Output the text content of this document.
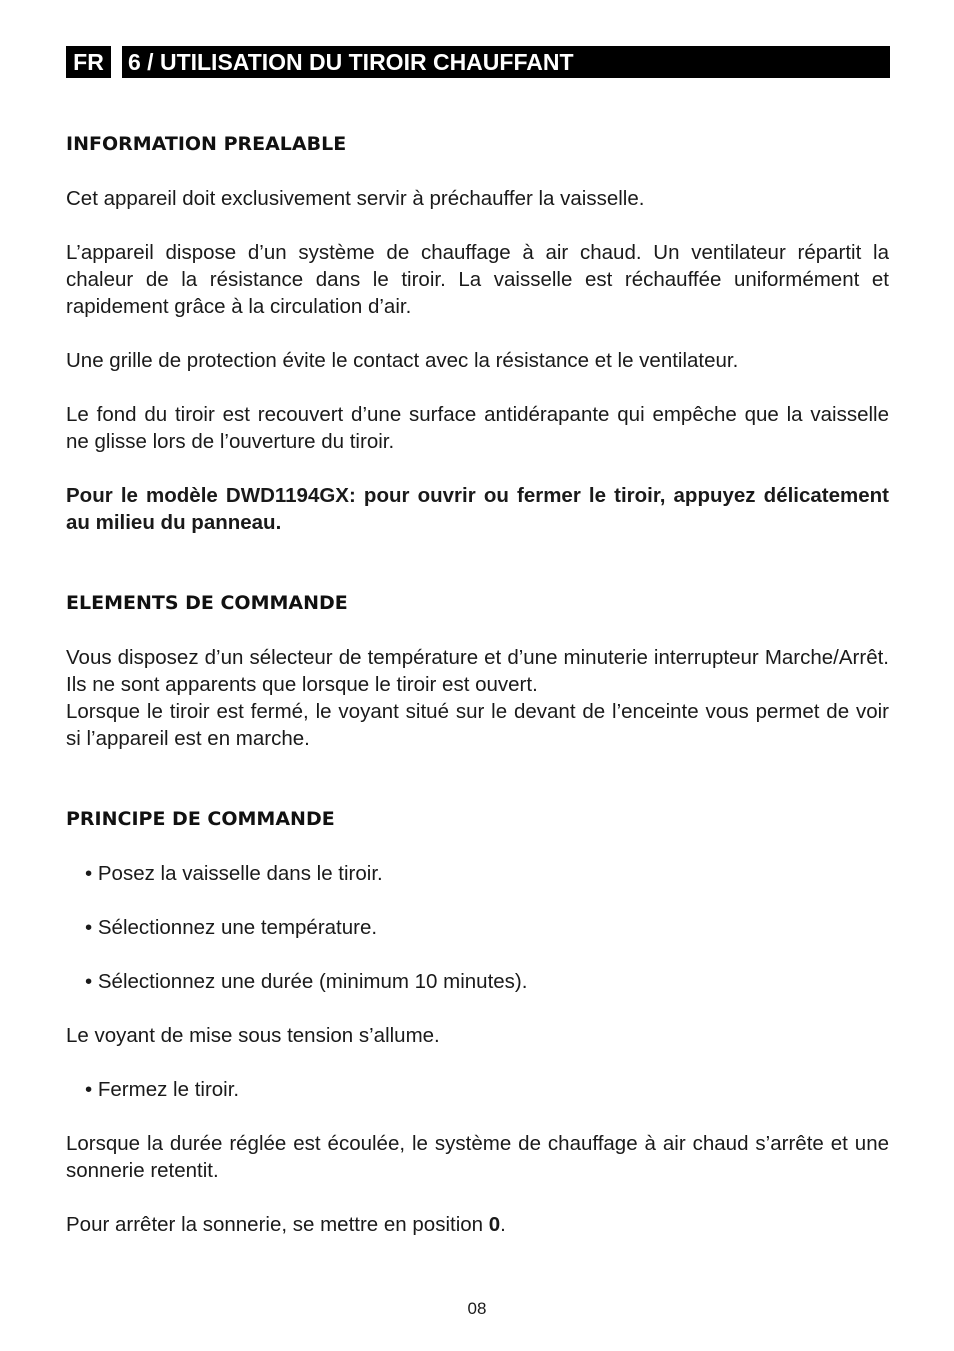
FR	6 / UTILISATION DU TIROIR CHAUFFANT
INFORMATION PREALABLE

Cet appareil doit exclusivement servir à préchauffer la vaisselle.

L’appareil dispose d’un système de chauffage à air chaud. Un ventilateur répartit la chaleur de la résistance dans le tiroir. La vaisselle est réchauffée uniformément et rapidement grâce à la circulation d’air.

Une grille de protection évite le contact avec la résistance et le ventilateur.

Le fond du tiroir est recouvert d’une surface antidérapante qui empêche que la vaisselle ne glisse lors de l’ouverture du tiroir.

Pour le modèle DWD1194GX: pour ouvrir ou fermer le tiroir, appuyez délicatement au milieu du panneau.

ELEMENTS DE COMMANDE

Vous disposez d’un sélecteur de température et d’une minuterie interrupteur Marche/Arrêt. Ils ne sont apparents que lorsque le tiroir est ouvert.

Lorsque le tiroir est fermé, le voyant situé sur le devant de l’enceinte vous permet de voir si l’appareil est en marche.

PRINCIPE DE COMMANDE

• Posez la vaisselle dans le tiroir.

• Sélectionnez une température.

• Sélectionnez une durée (minimum 10 minutes).

Le voyant de mise sous tension s’allume.

• Fermez le tiroir.

Lorsque la durée réglée est écoulée, le système de chauffage à air chaud s’arrête et une sonnerie retentit.

Pour arrêter la sonnerie, se mettre en position 0.

08
